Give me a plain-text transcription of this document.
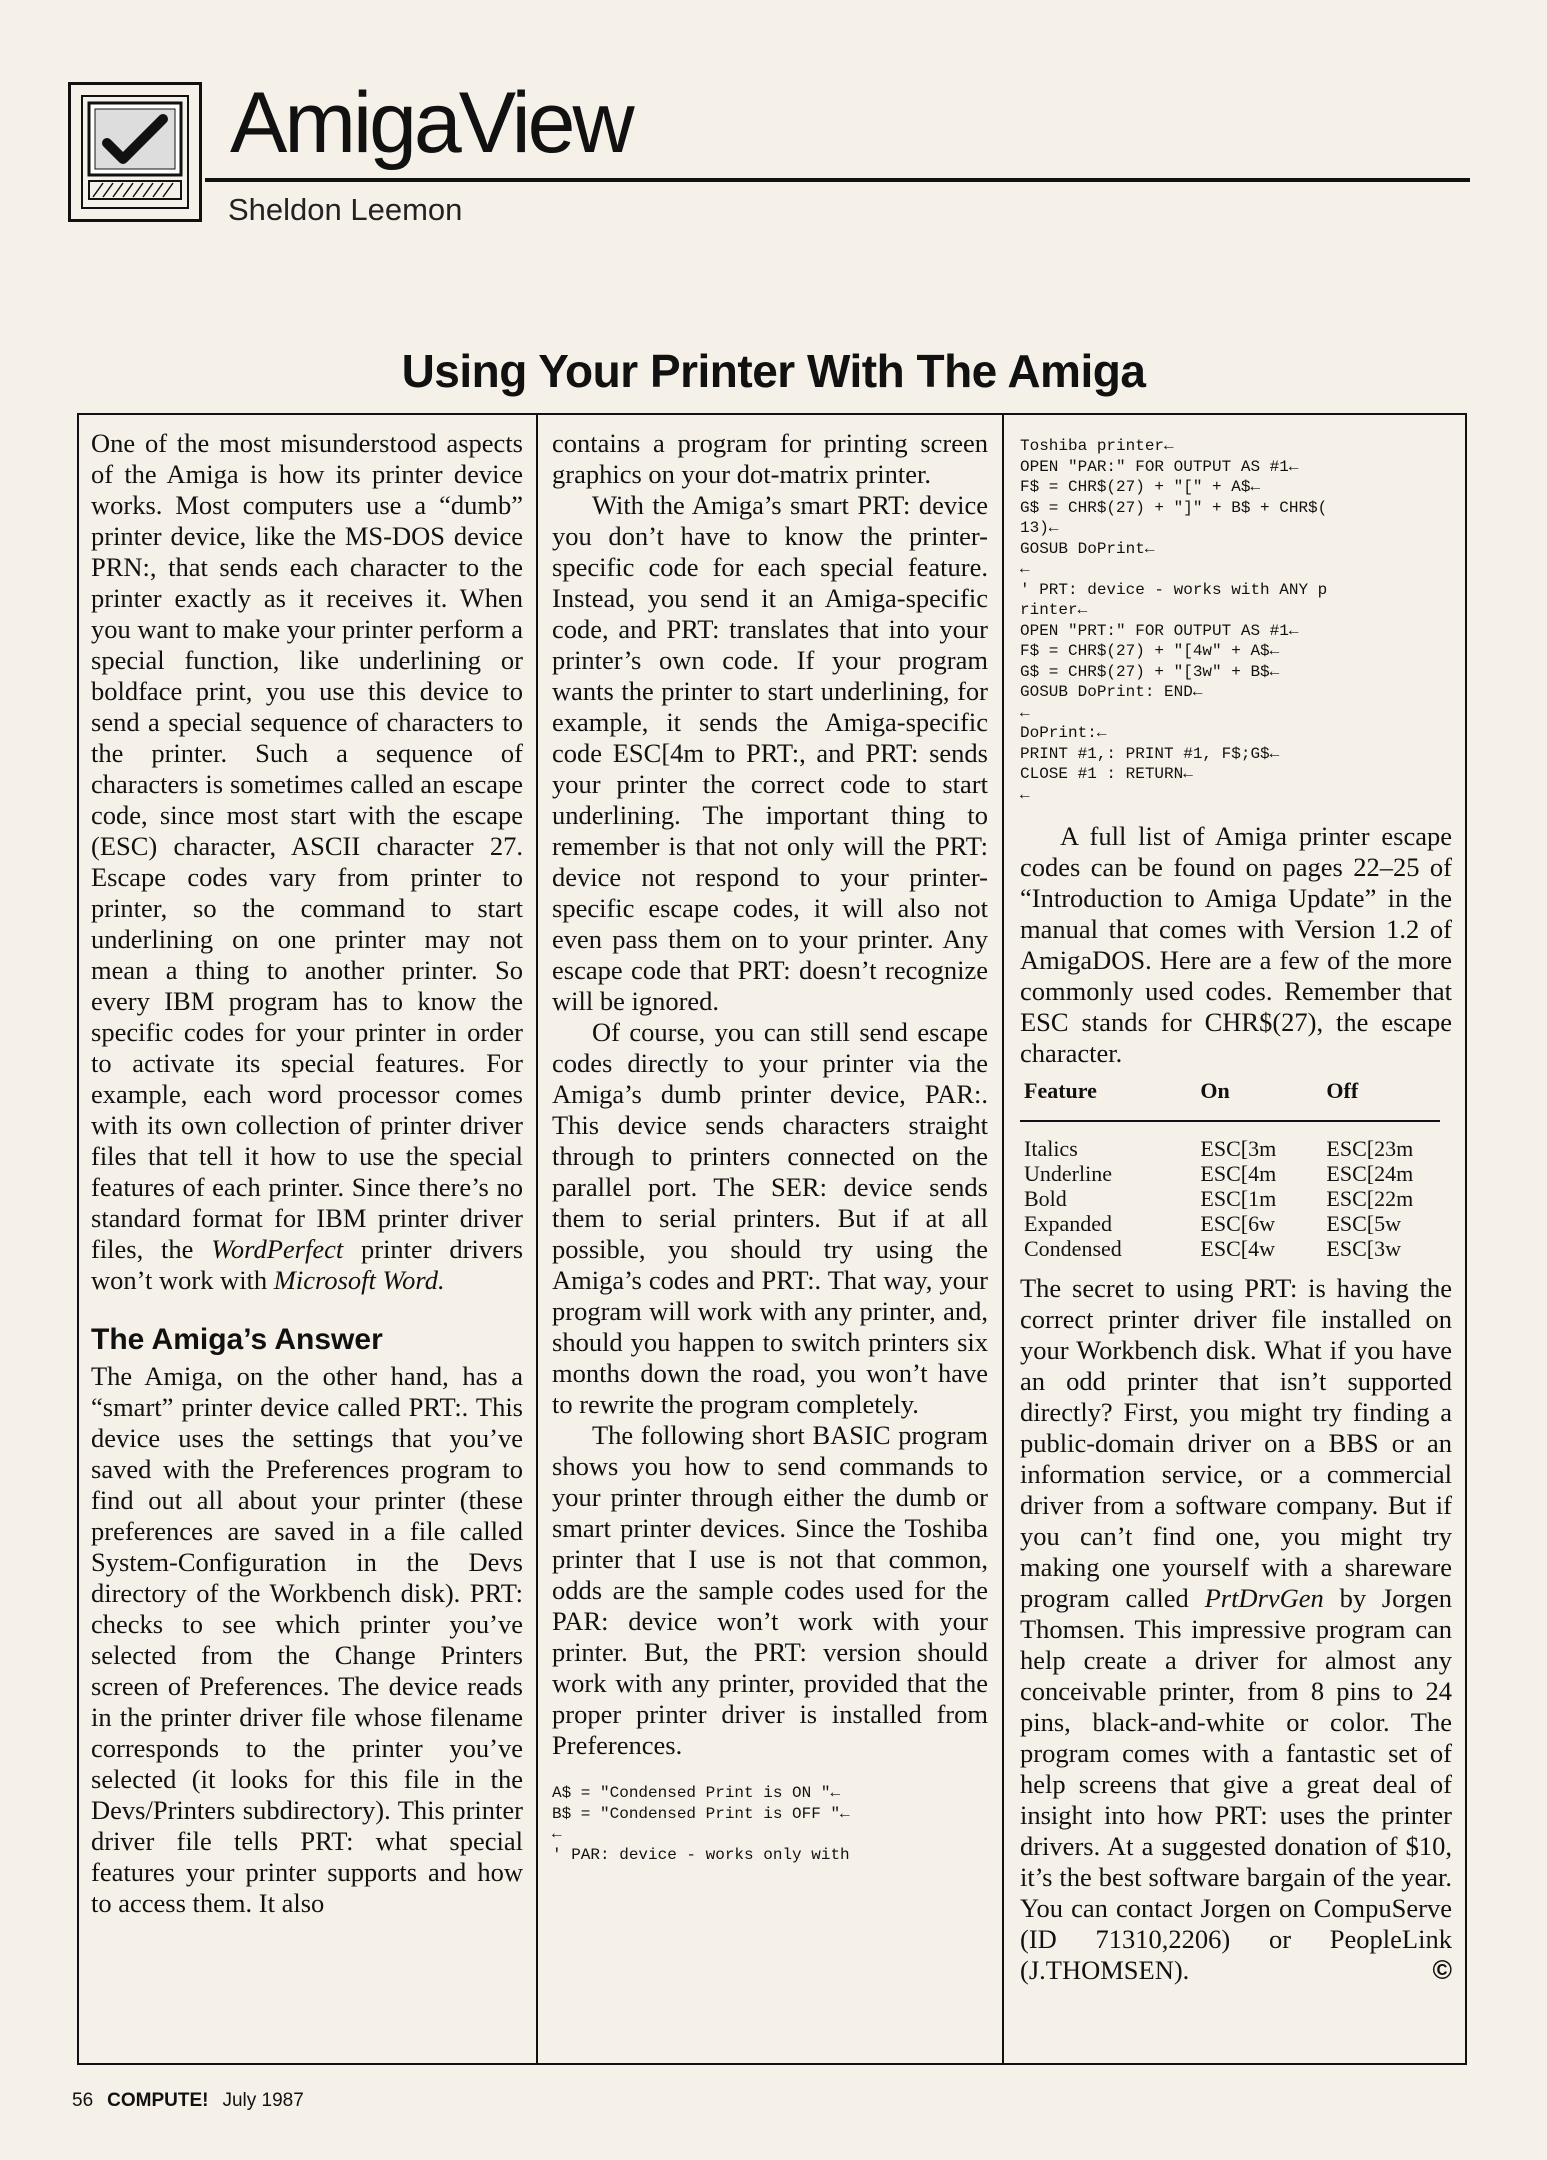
AmigaView
Sheldon Leemon
Using Your Printer With The Amiga

One of the most misunderstood aspects of the Amiga is how its printer device works. Most computers use a “dumb” printer device, like the MS-DOS device PRN:, that sends each character to the printer exactly as it receives it. When you want to make your printer perform a special function, like underlining or boldface print, you use this device to send a special sequence of characters to the printer. Such a sequence of characters is sometimes called an escape code, since most start with the escape (ESC) character, ASCII character 27. Escape codes vary from printer to printer, so the command to start underlining on one printer may not mean a thing to another printer. So every IBM program has to know the specific codes for your printer in order to activate its special features. For example, each word processor comes with its own collection of printer driver files that tell it how to use the special features of each printer. Since there’s no standard format for IBM printer driver files, the WordPerfect printer drivers won’t work with Microsoft Word.

The Amiga’s Answer

The Amiga, on the other hand, has a “smart” printer device called PRT:. This device uses the settings that you’ve saved with the Preferences program to find out all about your printer (these preferences are saved in a file called System-Configuration in the Devs directory of the Workbench disk). PRT: checks to see which printer you’ve selected from the Change Printers screen of Preferences. The device reads in the printer driver file whose filename corresponds to the printer you’ve selected (it looks for this file in the Devs/Printers subdirectory). This printer driver file tells PRT: what special features your printer supports and how to access them. It also

contains a program for printing screen graphics on your dot-matrix printer.

With the Amiga’s smart PRT: device you don’t have to know the printer-specific code for each special feature. Instead, you send it an Amiga-specific code, and PRT: translates that into your printer’s own code. If your program wants the printer to start underlining, for example, it sends the Amiga-specific code ESC[4m to PRT:, and PRT: sends your printer the correct code to start underlining. The important thing to remember is that not only will the PRT: device not respond to your printer-specific escape codes, it will also not even pass them on to your printer. Any escape code that PRT: doesn’t recognize will be ignored.

Of course, you can still send escape codes directly to your printer via the Amiga’s dumb printer device, PAR:. This device sends characters straight through to printers connected on the parallel port. The SER: device sends them to serial printers. But if at all possible, you should try using the Amiga’s codes and PRT:. That way, your program will work with any printer, and, should you happen to switch printers six months down the road, you won’t have to rewrite the program completely.

The following short BASIC program shows you how to send commands to your printer through either the dumb or smart printer devices. Since the Toshiba printer that I use is not that common, odds are the sample codes used for the PAR: device won’t work with your printer. But, the PRT: version should work with any printer, provided that the proper printer driver is installed from Preferences.

A$ = "Condensed Print is ON "←
B$ = "Condensed Print is OFF "←
←
' PAR: device - works only with
Toshiba printer←
OPEN "PAR:" FOR OUTPUT AS #1←
F$ = CHR$(27) + "[" + A$←
G$ = CHR$(27) + "]" + B$ + CHR$(
13)←
GOSUB DoPrint←
←
' PRT: device - works with ANY p
rinter←
OPEN "PRT:" FOR OUTPUT AS #1←
F$ = CHR$(27) + "[4w" + A$←
G$ = CHR$(27) + "[3w" + B$←
GOSUB DoPrint: END←
←
DoPrint:←
PRINT #1,: PRINT #1, F$;G$←
CLOSE #1 : RETURN←
←

A full list of Amiga printer escape codes can be found on pages 22–25 of “Introduction to Amiga Update” in the manual that comes with Version 1.2 of AmigaDOS. Here are a few of the more commonly used codes. Remember that ESC stands for CHR$(27), the escape character.

Feature	On	Off
Italics	ESC[3m	ESC[23m
Underline	ESC[4m	ESC[24m
Bold	ESC[1m	ESC[22m
Expanded	ESC[6w	ESC[5w
Condensed	ESC[4w	ESC[3w

The secret to using PRT: is having the correct printer driver file installed on your Workbench disk. What if you have an odd printer that isn’t supported directly? First, you might try finding a public-domain driver on a BBS or an information service, or a commercial driver from a software company. But if you can’t find one, you might try making one yourself with a shareware program called PrtDrvGen by Jorgen Thomsen. This impressive program can help create a driver for almost any conceivable printer, from 8 pins to 24 pins, black-and-white or color. The program comes with a fantastic set of help screens that give a great deal of insight into how PRT: uses the printer drivers. At a suggested donation of $10, it’s the best software bargain of the year. You can contact Jorgen on CompuServe (ID 71310,2206) or PeopleLink (J.THOMSEN).	©

56 COMPUTE! July 1987
